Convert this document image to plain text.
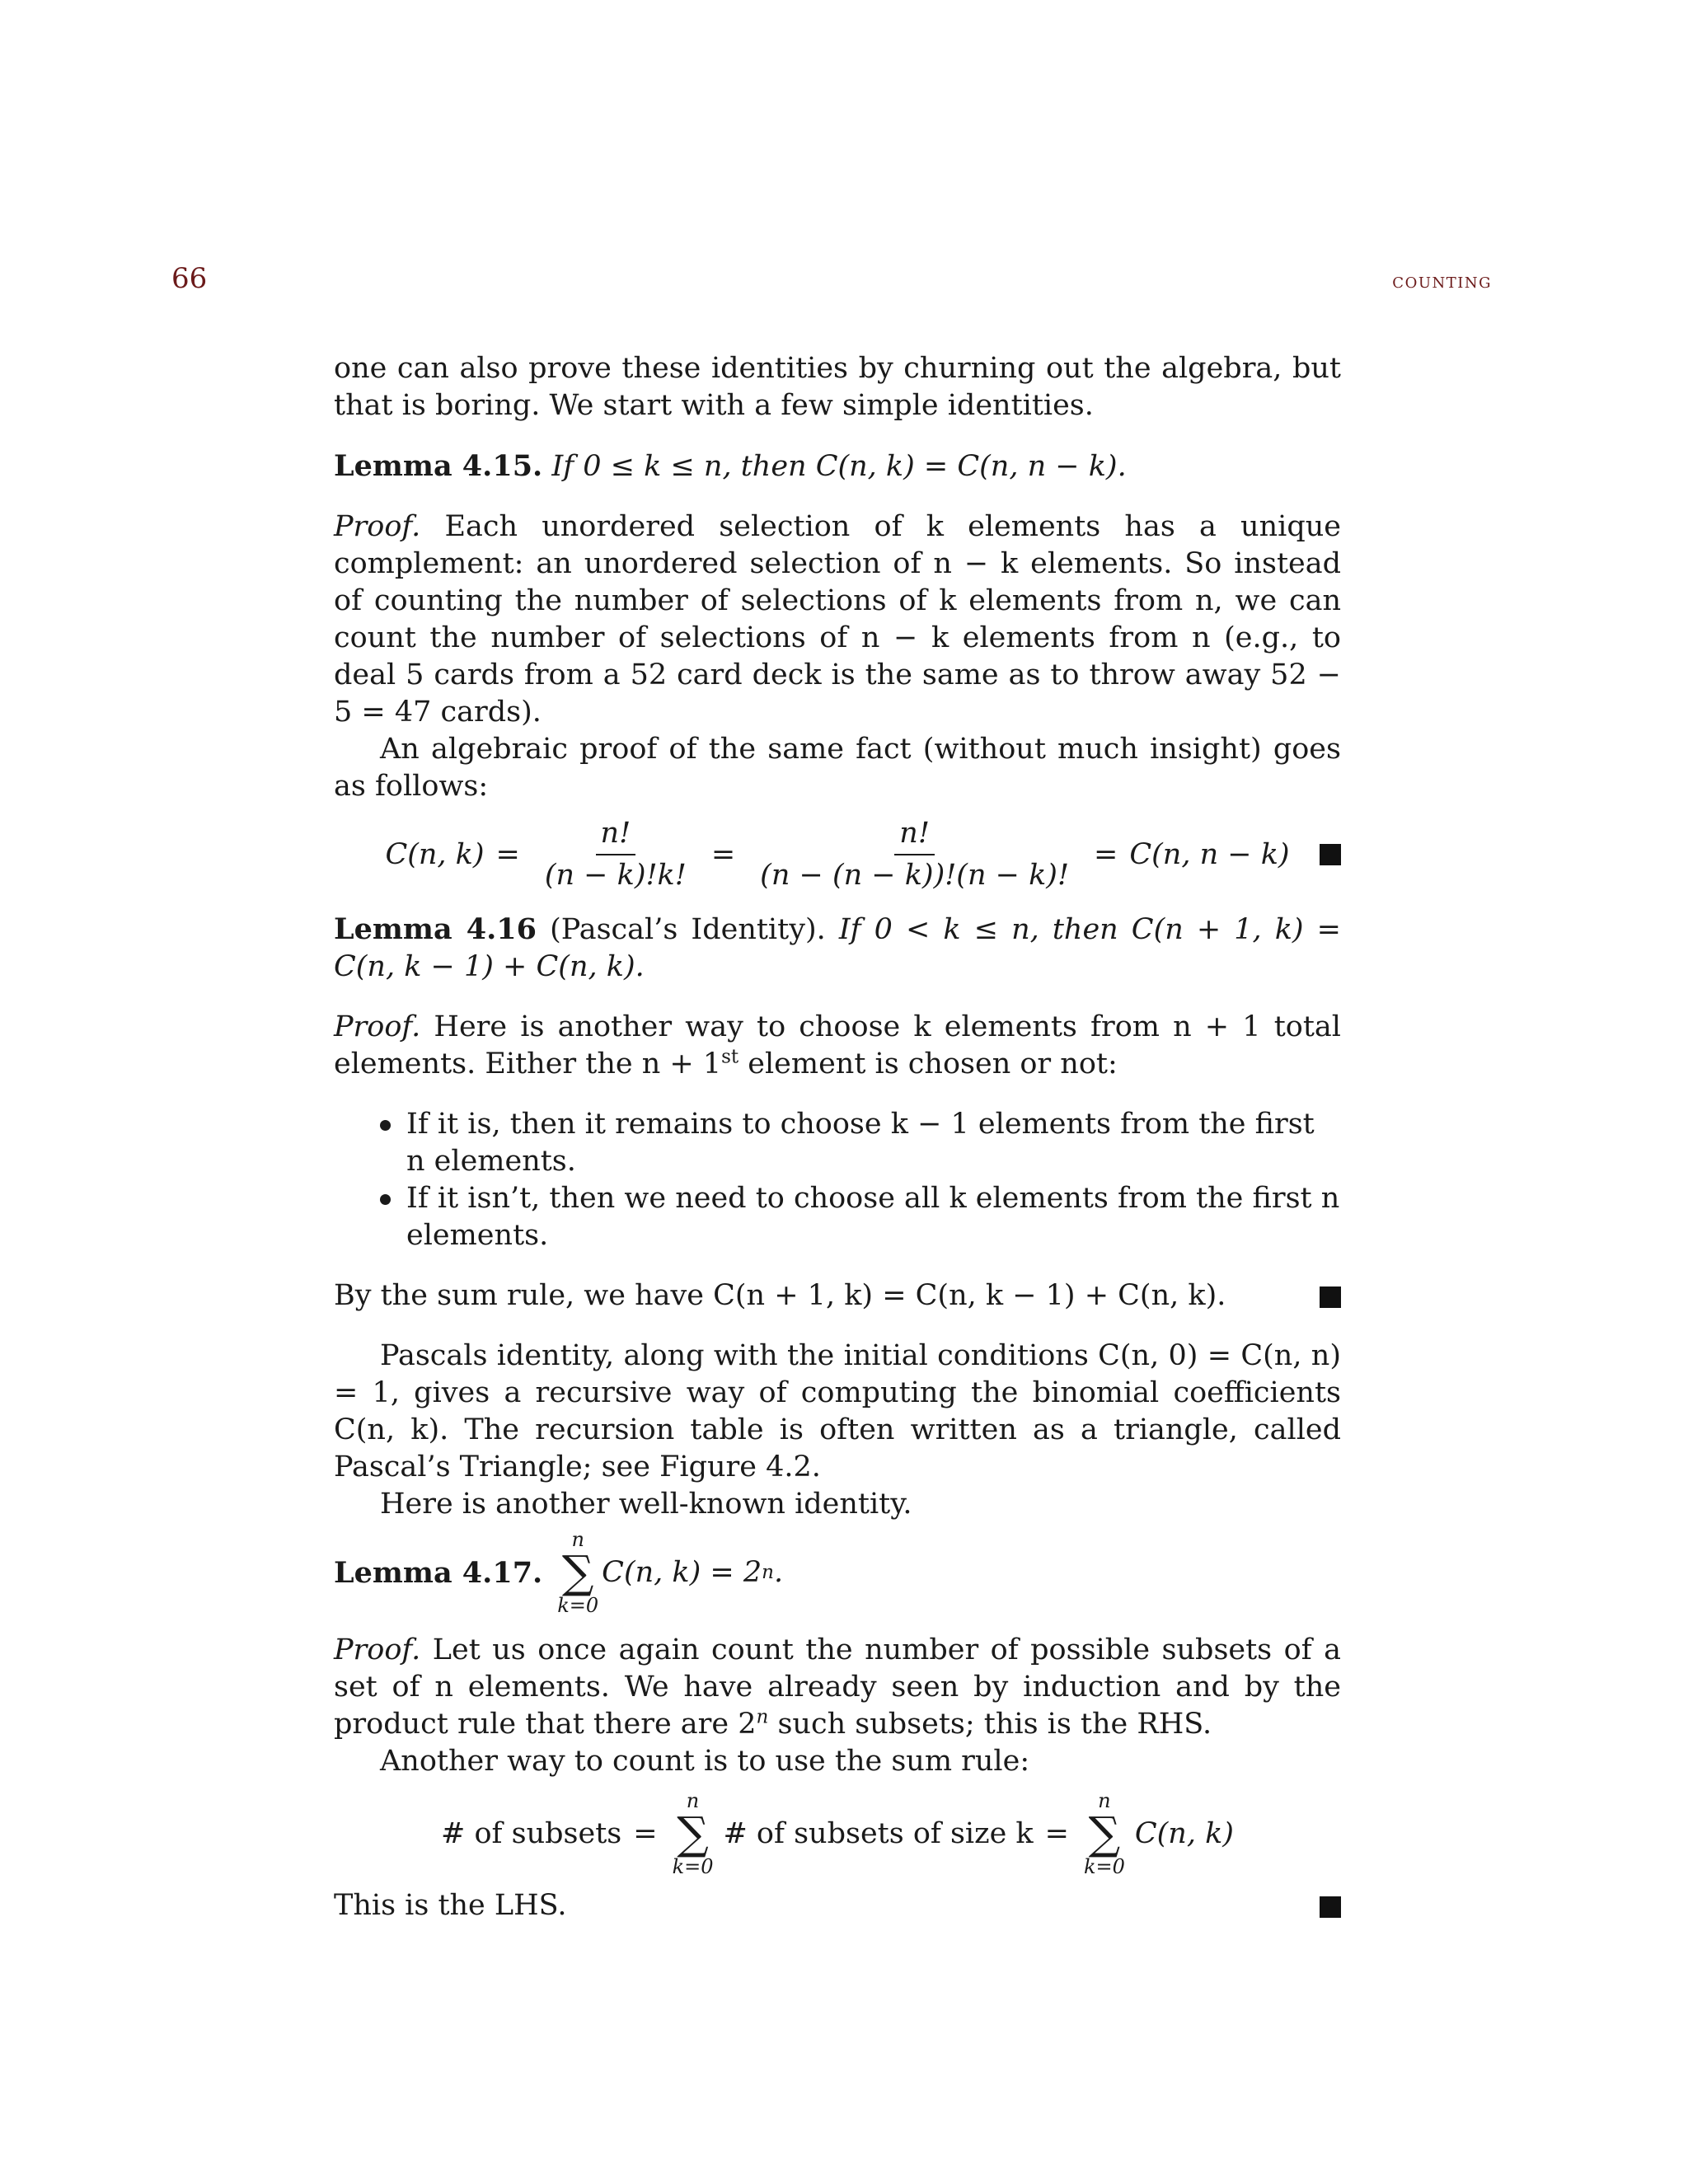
66	counting

one can also prove these identities by churning out the algebra, but that is boring. We start with a few simple identities.

Lemma 4.15. If 0 ≤ k ≤ n, then C(n, k) = C(n, n − k).

Proof. Each unordered selection of k elements has a unique complement: an unordered selection of n − k elements. So instead of counting the number of selections of k elements from n, we can count the number of selections of n − k elements from n (e.g., to deal 5 cards from a 52 card deck is the same as to throw away 52 − 5 = 47 cards).

An algebraic proof of the same fact (without much insight) goes as follows:

C(n, $k) = \frac{n!}{(n - k)!k!} = \frac{n!}{(n - (n - k))!(n - k)!} = C(n$, n − k)

Lemma 4.16 (Pascal’s Identity). If 0 < k ≤ n, then C(n + 1, k) = C(n, k − 1) + C(n, k).

Proof. Here is another way to choose k elements from n + 1 total elements. Either the n + 1st element is chosen or not:

If it is, then it remains to choose k − 1 elements from the first n elements.
If it isn’t, then we need to choose all k elements from the first n elements.

By the sum rule, we have C(n + 1, k) = C(n, k − 1) + C(n, k).

Pascals identity, along with the initial conditions C(n, 0) = C(n, n) = 1, gives a recursive way of computing the binomial coefficients C(n, k). The recursion table is often written as a triangle, called Pascal’s Triangle; see Figure 4.2.

Here is another well-known identity.

Lemma 4.17.
n
∑
k=0
C(n, k) = 2 n .

Proof. Let us once again count the number of possible subsets of a set of n elements. We have already seen by induction and by the product rule that there are 2$^n$ such subsets; this is the RHS.

Another way to count is to use the sum rule:

# of subsets =
n
∑
k=0
# of subsets of size k =
n
∑
k=0
C(n, k)

This is the LHS.
